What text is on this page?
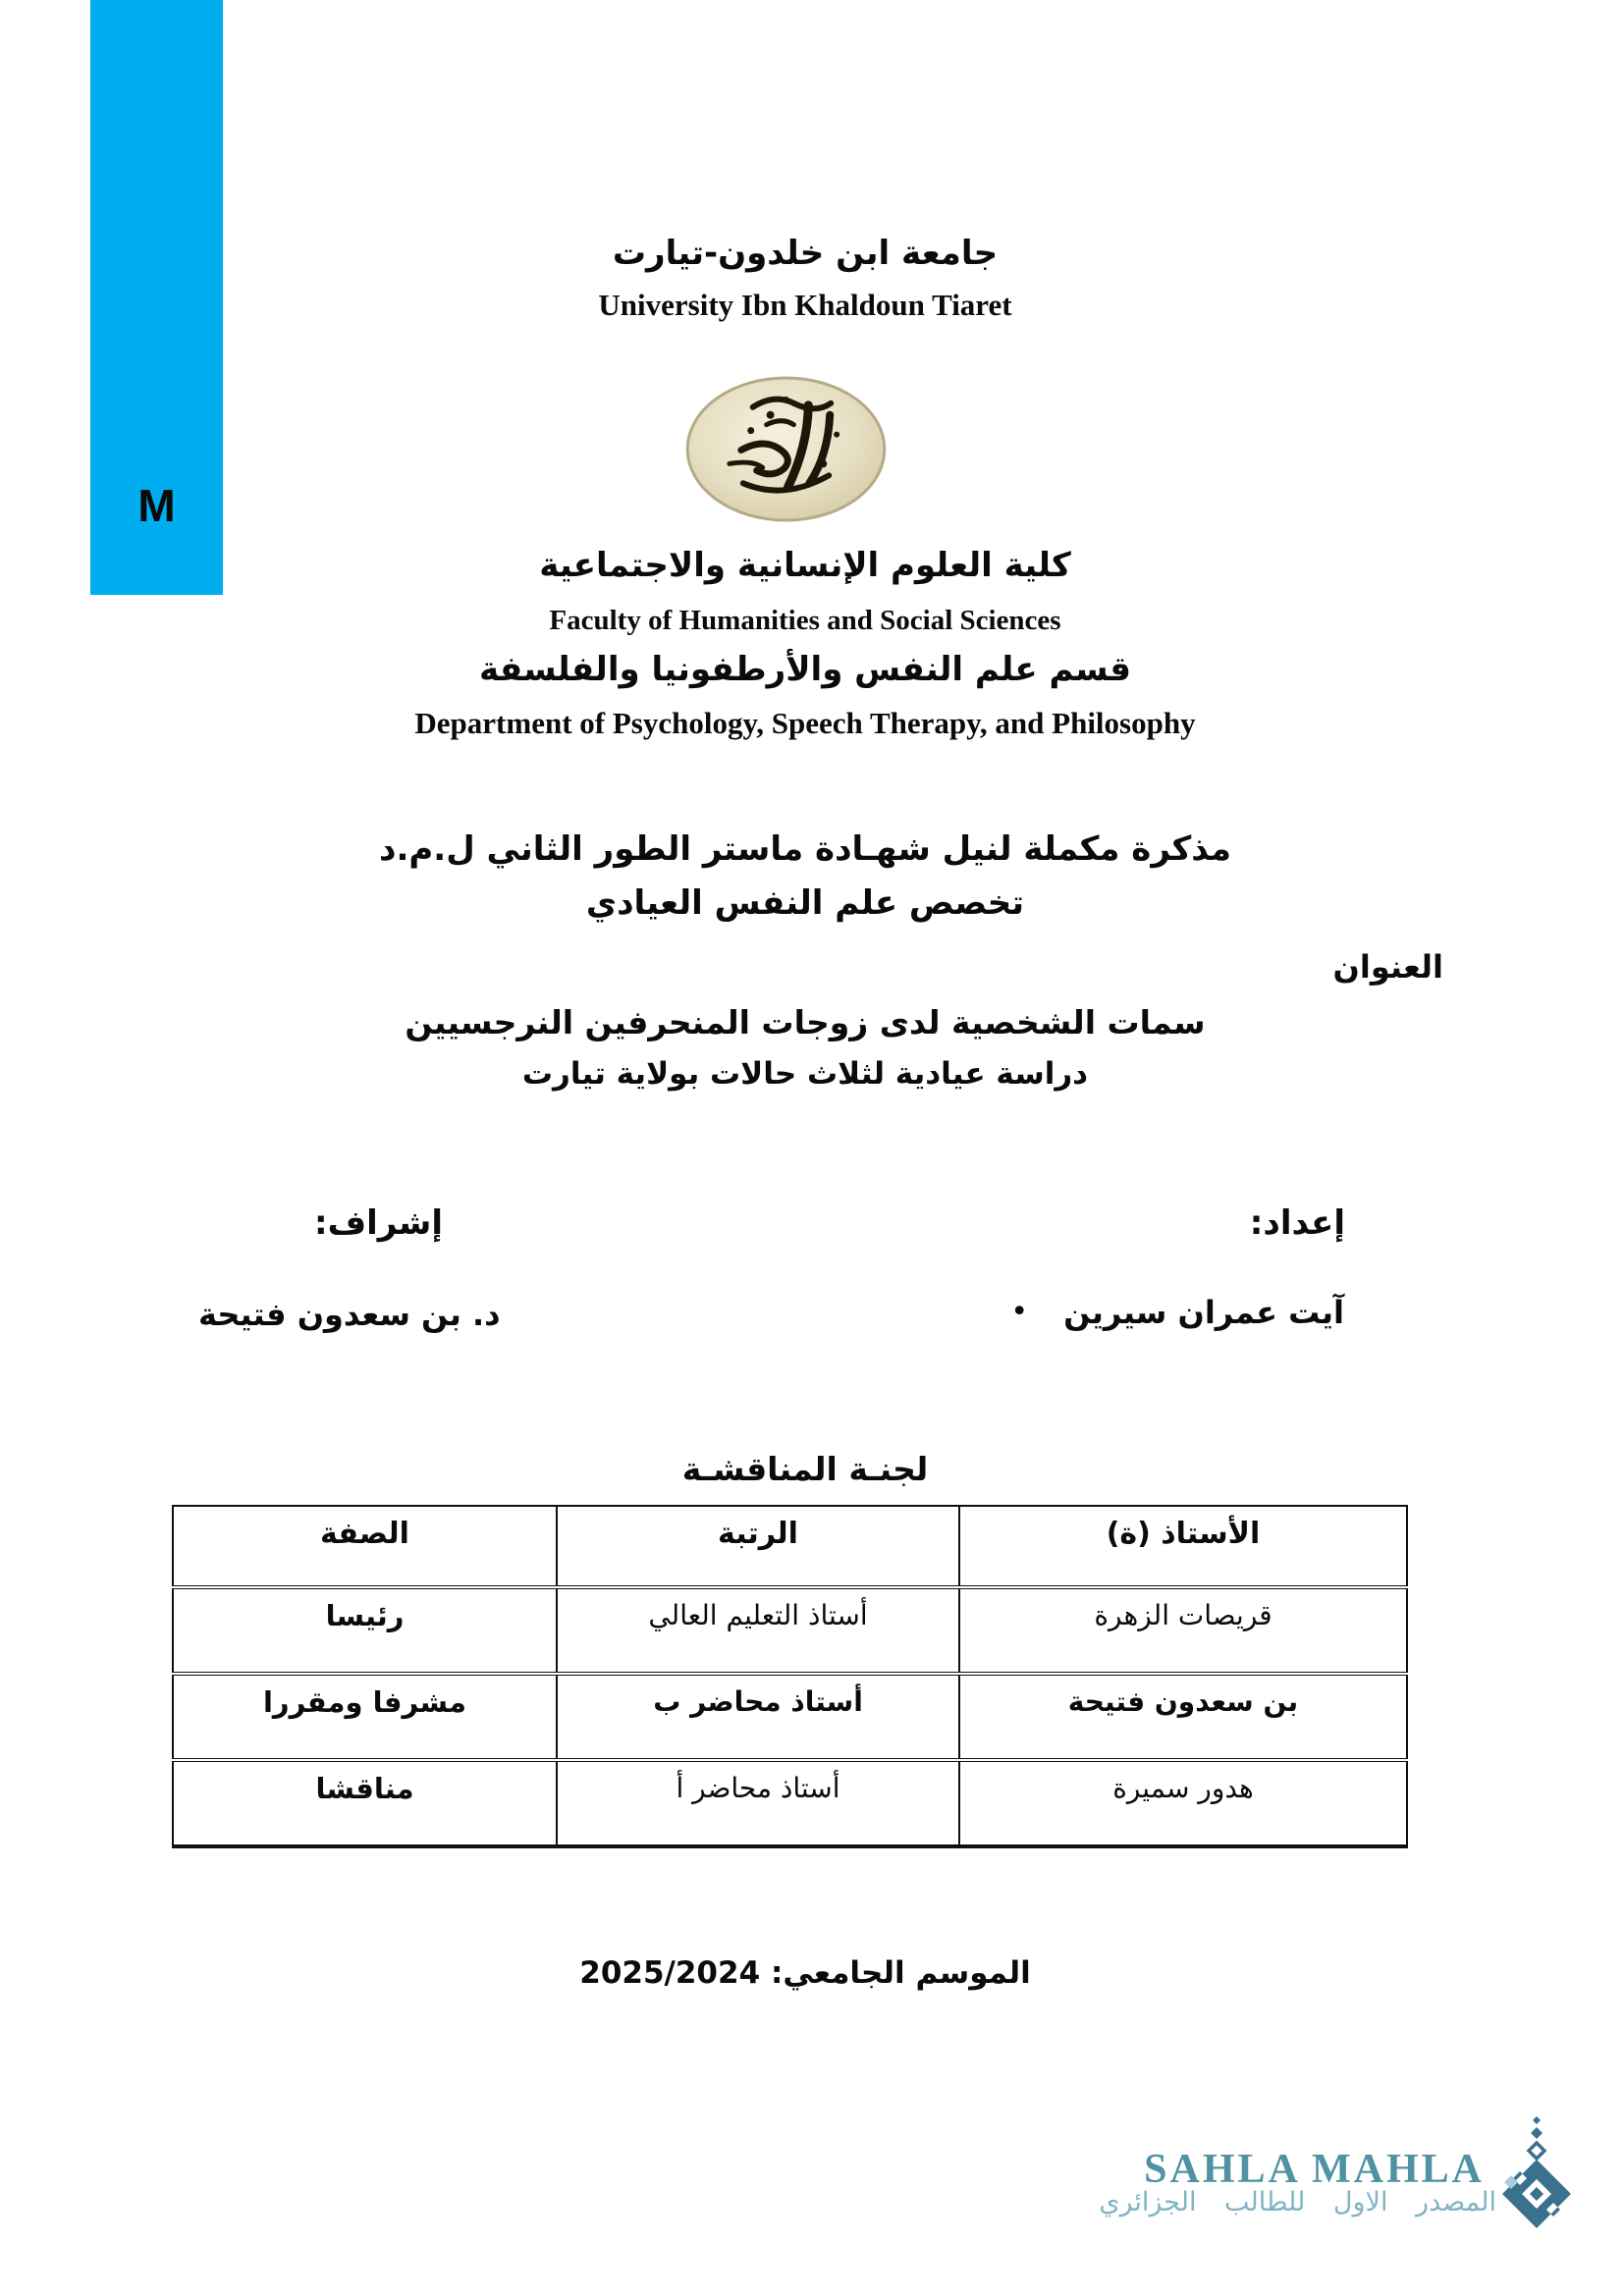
M
جامعة ابن خلدون-تيارت
University Ibn Khaldoun Tiaret
كلية العلوم الإنسانية والاجتماعية
Faculty of Humanities and Social Sciences
قسم علم النفس والأرطفونيا والفلسفة
Department of Psychology, Speech Therapy, and Philosophy
مذكرة مكملة لنيل شهـادة ماستر الطور الثاني ل.م.د
تخصص علم النفس العيادي
العنوان
سمات الشخصية لدى زوجات المنحرفين النرجسيين
دراسة عيادية لثلاث حالات بولاية تيارت
إعداد:
إشراف:
• آيت عمران سيرين
د. بن سعدون فتيحة
لجنـة المناقشـة
الأستاذ (ة)	الرتبة	الصفة
قريصات الزهرة	أستاذ التعليم العالي	رئيسا
بن سعدون فتيحة	أستاذ محاضر ب	مشرفا ومقررا
هدور سميرة	أستاذ محاضر أ	مناقشا
الموسم الجامعي: 2025/2024
SAHLA MAHLA
المصدر الاول للطالب الجزائري
